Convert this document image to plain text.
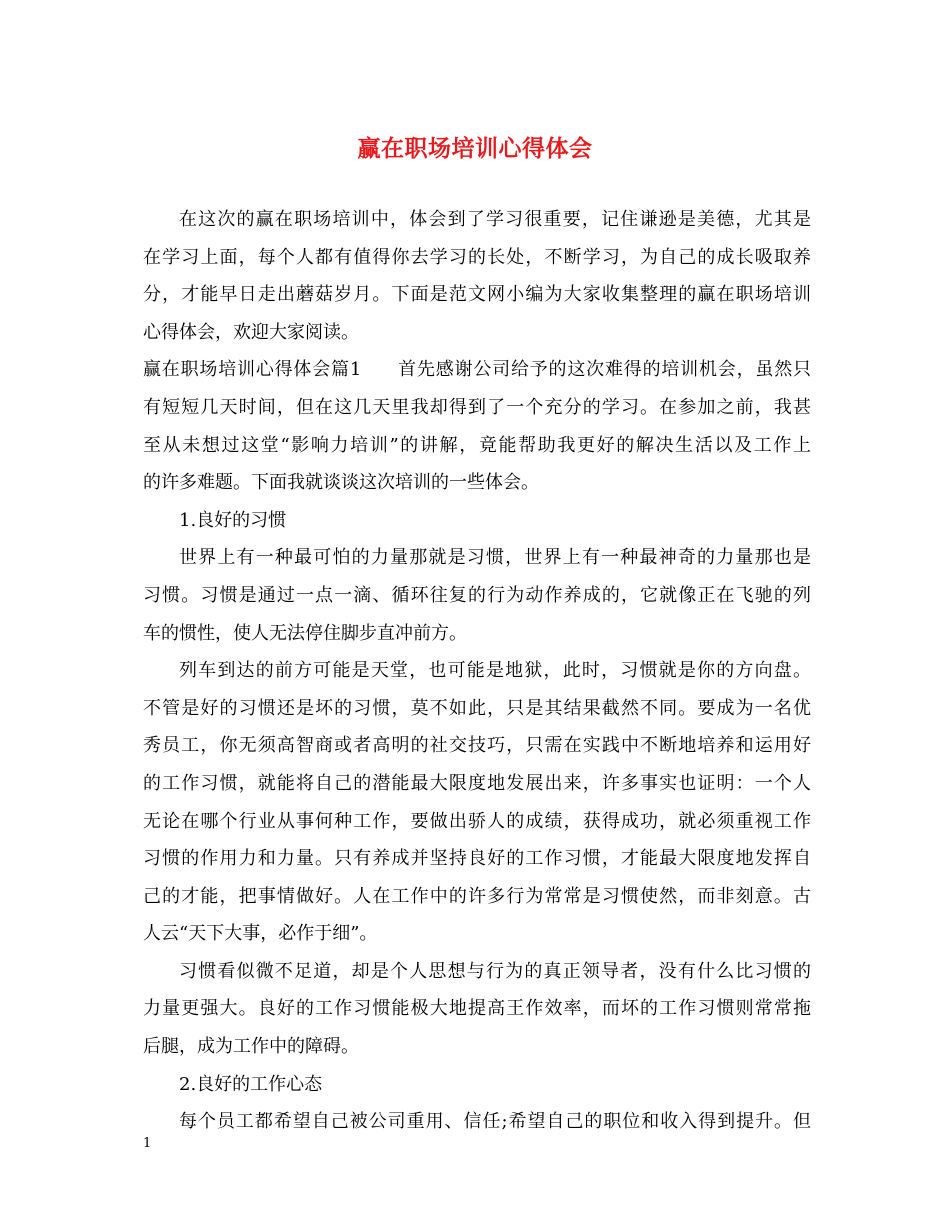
赢在职场培训心得体会
在这次的赢在职场培训中，体会到了学习很重要，记住谦逊是美德，尤其是
在学习上面，每个人都有值得你去学习的长处，不断学习，为自己的成长吸取养
分，才能早日走出蘑菇岁月。下面是范文网小编为大家收集整理的赢在职场培训
心得体会，欢迎大家阅读。
赢在职场培训心得体会篇1 首先感谢公司给予的这次难得的培训机会，虽然只
有短短几天时间，但在这几天里我却得到了一个充分的学习。在参加之前，我甚
至从未想过这堂“影响力培训”的讲解，竟能帮助我更好的解决生活以及工作上
的许多难题。下面我就谈谈这次培训的一些体会。
1.良好的习惯
世界上有一种最可怕的力量那就是习惯，世界上有一种最神奇的力量那也是
习惯。习惯是通过一点一滴、循环往复的行为动作养成的，它就像正在飞驰的列
车的惯性，使人无法停住脚步直冲前方。
列车到达的前方可能是天堂，也可能是地狱，此时，习惯就是你的方向盘。
不管是好的习惯还是坏的习惯，莫不如此，只是其结果截然不同。要成为一名优
秀员工，你无须高智商或者高明的社交技巧，只需在实践中不断地培养和运用好
的工作习惯，就能将自己的潜能最大限度地发展出来，许多事实也证明：一个人
无论在哪个行业从事何种工作，要做出骄人的成绩，获得成功，就必须重视工作
习惯的作用力和力量。只有养成并坚持良好的工作习惯，才能最大限度地发挥自
己的才能，把事情做好。人在工作中的许多行为常常是习惯使然，而非刻意。古
人云“天下大事，必作于细”。
习惯看似微不足道，却是个人思想与行为的真正领导者，没有什么比习惯的
力量更强大。良好的工作习惯能极大地提高王作效率，而坏的工作习惯则常常拖
后腿，成为工作中的障碍。
2.良好的工作心态
每个员工都希望自己被公司重用、信任;希望自己的职位和收入得到提升。但
1
